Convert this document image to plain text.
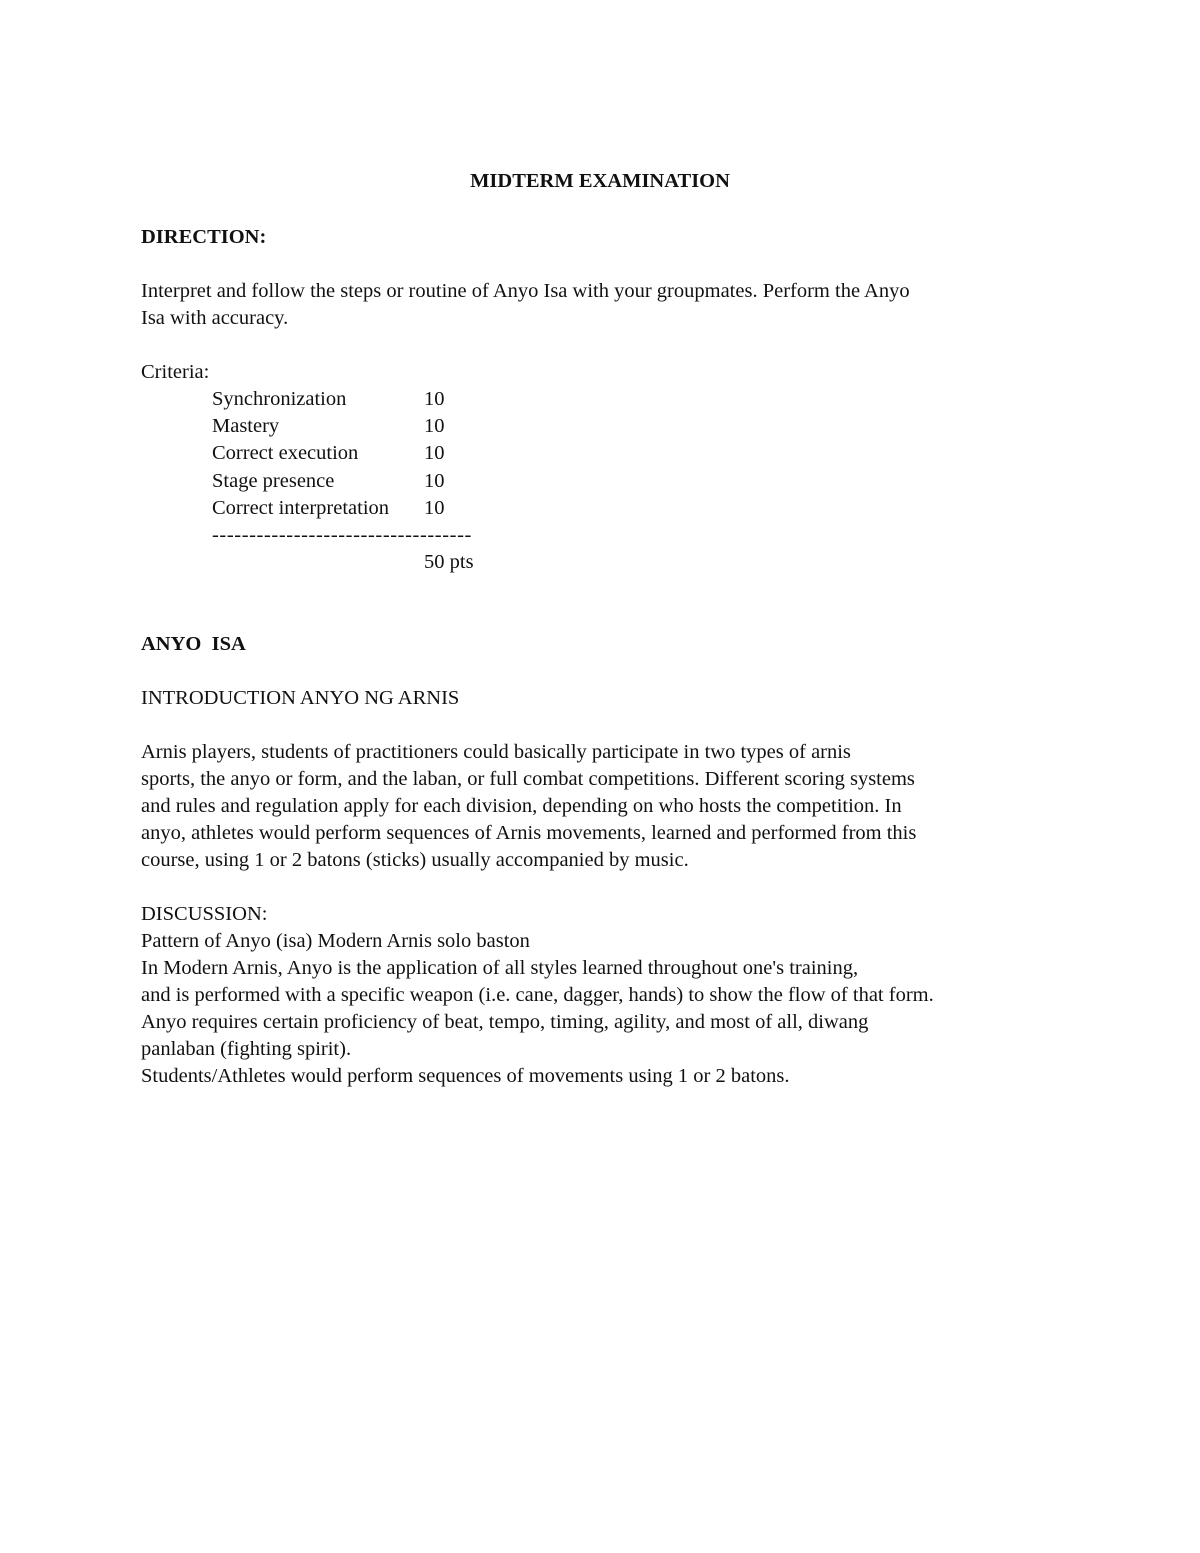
MIDTERM EXAMINATION
DIRECTION:
Interpret and follow the steps or routine of Anyo Isa with your groupmates. Perform the Anyo
Isa with accuracy.
Criteria:
Synchronization	10
Mastery	10
Correct execution	10
Stage presence	10
Correct interpretation 10
-----------------------------------
50 pts
ANYO  ISA
INTRODUCTION ANYO NG ARNIS
Arnis players, students of practitioners could basically participate in two types of arnis
sports, the anyo or form, and the laban, or full combat competitions. Different scoring systems
and rules and regulation apply for each division, depending on who hosts the competition. In
anyo, athletes would perform sequences of Arnis movements, learned and performed from this
course, using 1 or 2 batons (sticks) usually accompanied by music.
DISCUSSION:
Pattern of Anyo (isa) Modern Arnis solo baston
In Modern Arnis, Anyo is the application of all styles learned throughout one's training,
and is performed with a specific weapon (i.e. cane, dagger, hands) to show the flow of that form.
Anyo requires certain proficiency of beat, tempo, timing, agility, and most of all, diwang
panlaban (fighting spirit).
Students/Athletes would perform sequences of movements using 1 or 2 batons.
